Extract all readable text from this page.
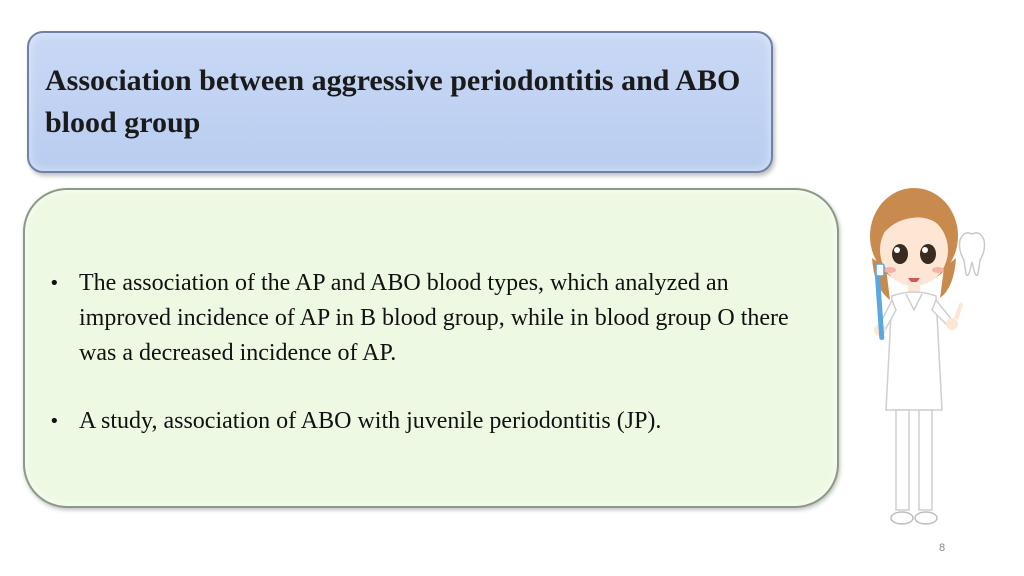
Association between aggressive periodontitis and ABO blood group
• The association of the AP and ABO blood types, which analyzed an improved incidence of AP in B blood group, while in blood group O there was a decreased incidence of AP.
• A study, association of ABO with juvenile periodontitis (JP).
8
